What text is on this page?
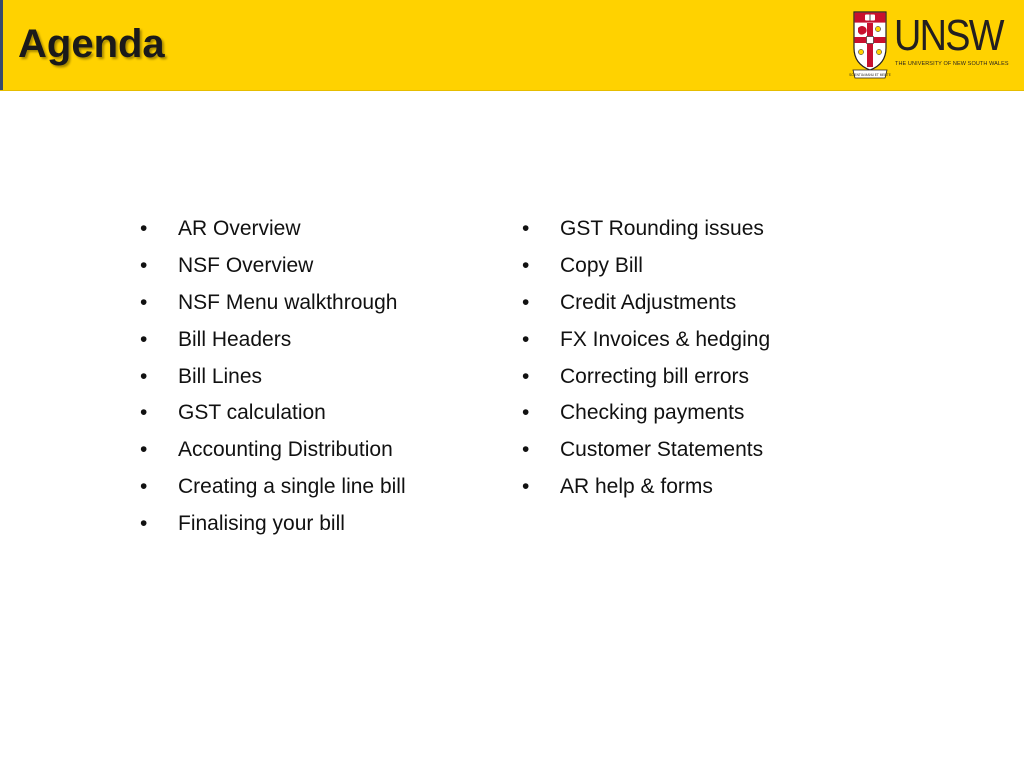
Agenda
SCIENTIA MANU ET MENTE
UNSW
THE UNIVERSITY OF NEW SOUTH WALES
•	AR Overview
•	NSF Overview
•	NSF Menu walkthrough
•	Bill Headers
•	Bill Lines
•	GST calculation
•	Accounting Distribution
•	Creating a single line bill
•	Finalising your bill
•	GST Rounding issues
•	Copy Bill
•	Credit Adjustments
•	FX Invoices & hedging
•	Correcting bill errors
•	Checking payments
•	Customer Statements
•	AR help & forms
